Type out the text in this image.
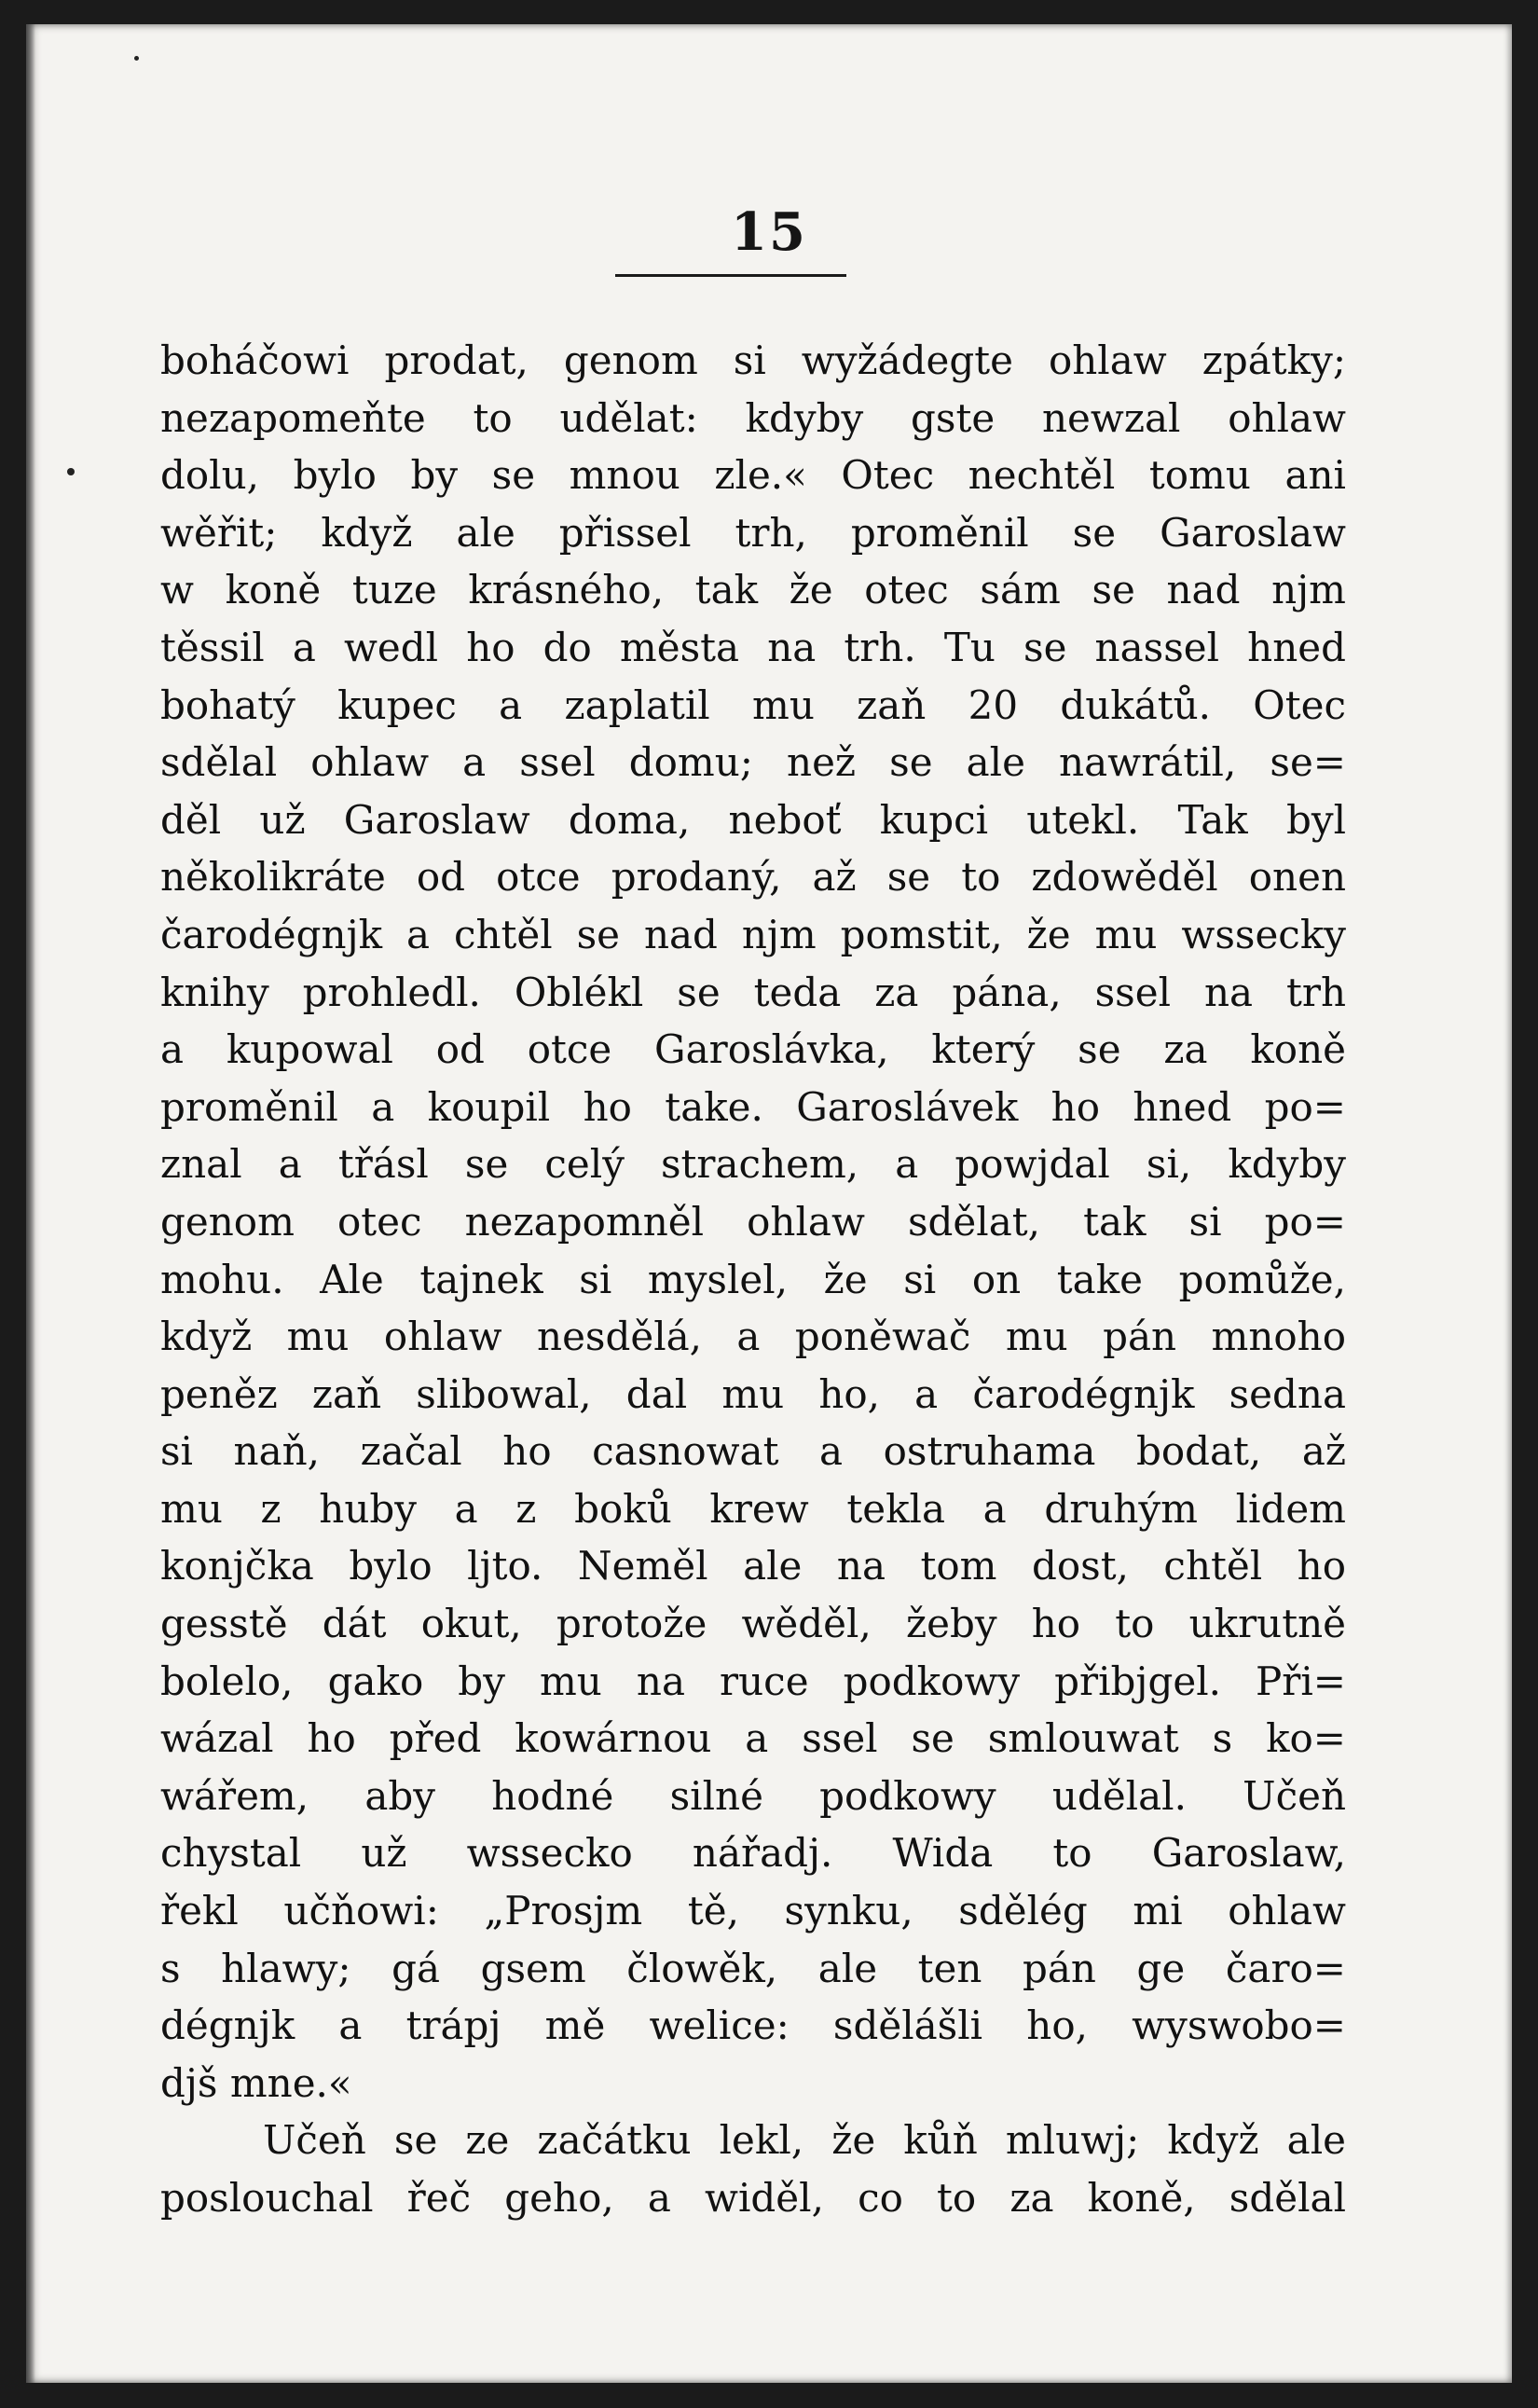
15
boháčowi prodat, genom si wyžádegte ohlaw zpátky;
nezapomeňte to udělat: kdyby gste newzal ohlaw
dolu, bylo by se mnou zle.« Otec nechtěl tomu ani
wěřit; když ale přissel trh, proměnil se Garoslaw
w koně tuze krásného, tak že otec sám se nad njm
těssil a wedl ho do města na trh. Tu se nassel hned
bohatý kupec a zaplatil mu zaň 20 dukátů. Otec
sdělal ohlaw a ssel domu; než se ale nawrátil, se=
děl už Garoslaw doma, neboť kupci utekl. Tak byl
několikráte od otce prodaný, až se to zdowěděl onen
čarodégnjk a chtěl se nad njm pomstit, že mu wssecky
knihy prohledl. Oblékl se teda za pána, ssel na trh
a kupowal od otce Garoslávka, který se za koně
proměnil a koupil ho take. Garoslávek ho hned po=
znal a třásl se celý strachem, a powjdal si, kdyby
genom otec nezapomněl ohlaw sdělat, tak si po=
mohu. Ale tajnek si myslel, že si on take pomůže,
když mu ohlaw nesdělá, a poněwač mu pán mnoho
peněz zaň slibowal, dal mu ho, a čarodégnjk sedna
si naň, začal ho casnowat a ostruhama bodat, až
mu z huby a z boků krew tekla a druhým lidem
konjčka bylo ljto. Neměl ale na tom dost, chtěl ho
gesstě dát okut, protože wěděl, žeby ho to ukrutně
bolelo, gako by mu na ruce podkowy přibjgel. Při=
wázal ho před kowárnou a ssel se smlouwat s ko=
wářem, aby hodné silné podkowy udělal. Učeň
chystal už wssecko nářadj. Wida to Garoslaw,
řekl učňowi: „Prosjm tě, synku, sdělég mi ohlaw
s hlawy; gá gsem člowěk, ale ten pán ge čaro=
dégnjk a trápj mě welice: sdělášli ho, wyswobo=
djš mne.«
Učeň se ze začátku lekl, že kůň mluwj; když ale
poslouchal řeč geho, a widěl, co to za koně, sdělal
